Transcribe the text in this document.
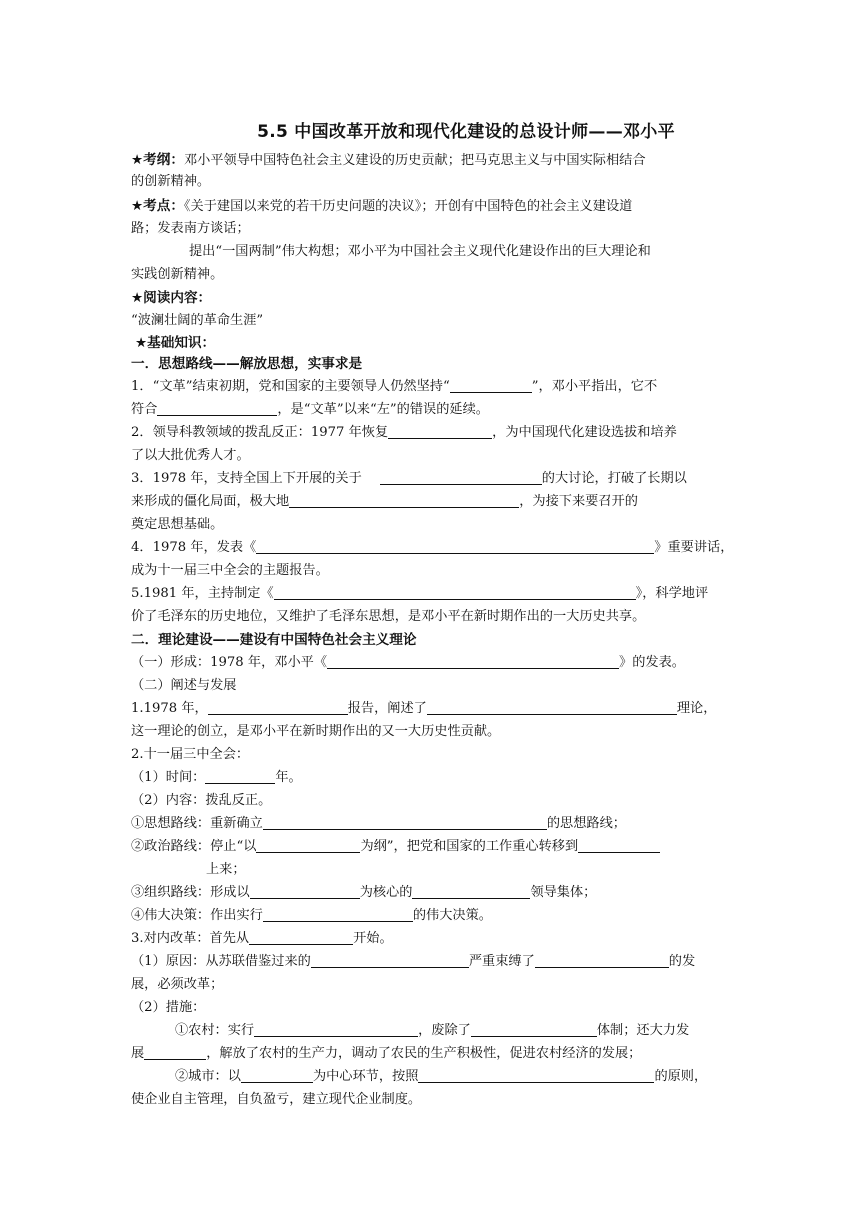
5.5 中国改革开放和现代化建设的总设计师——邓小平
★考纲：邓小平领导中国特色社会主义建设的历史贡献；把马克思主义与中国实际相结合
的创新精神。
★考点：《关于建国以来党的若干历史问题的决议》；开创有中国特色的社会主义建设道
路；发表南方谈话；
提出“一国两制”伟大构想；邓小平为中国社会主义现代化建设作出的巨大理论和
实践创新精神。
★阅读内容：
“波澜壮阔的革命生涯”
★基础知识：
一．思想路线——解放思想，实事求是
1．“文革”结束初期，党和国家的主要领导人仍然坚持“	”，邓小平指出，它不
符合	，是“文革”以来“左”的错误的延续。
2．领导科教领域的拨乱反正：1977 年恢复	，为中国现代化建设选拔和培养
了以大批优秀人才。
3．1978 年，支持全国上下开展的关于	的大讨论，打破了长期以
来形成的僵化局面，极大地	，为接下来要召开的
奠定思想基础。
4．1978 年，发表《	》重要讲话，
成为十一届三中全会的主题报告。
5.1981 年，主持制定《	》，科学地评
价了毛泽东的历史地位，又维护了毛泽东思想，是邓小平在新时期作出的一大历史共享。
二．理论建设——建设有中国特色社会主义理论
（一）形成：1978 年，邓小平《	》的发表。
（二）阐述与发展
1.1978 年，	报告，阐述了	理论，
这一理论的创立，是邓小平在新时期作出的又一大历史性贡献。
2.十一届三中全会：
（1）时间：	年。
（2）内容：拨乱反正。
①思想路线：重新确立	的思想路线；
②政治路线：停止“以	为纲”，把党和国家的工作重心转移到
上来；
③组织路线：形成以	为核心的	领导集体；
④伟大决策：作出实行	的伟大决策。
3.对内改革：首先从	开始。
（1）原因：从苏联借鉴过来的	严重束缚了	的发
展，必须改革；
（2）措施：
①农村：实行	，废除了	体制；还大力发
展	，解放了农村的生产力，调动了农民的生产积极性，促进农村经济的发展；
②城市：以	为中心环节，按照	的原则，
使企业自主管理，自负盈亏，建立现代企业制度。
